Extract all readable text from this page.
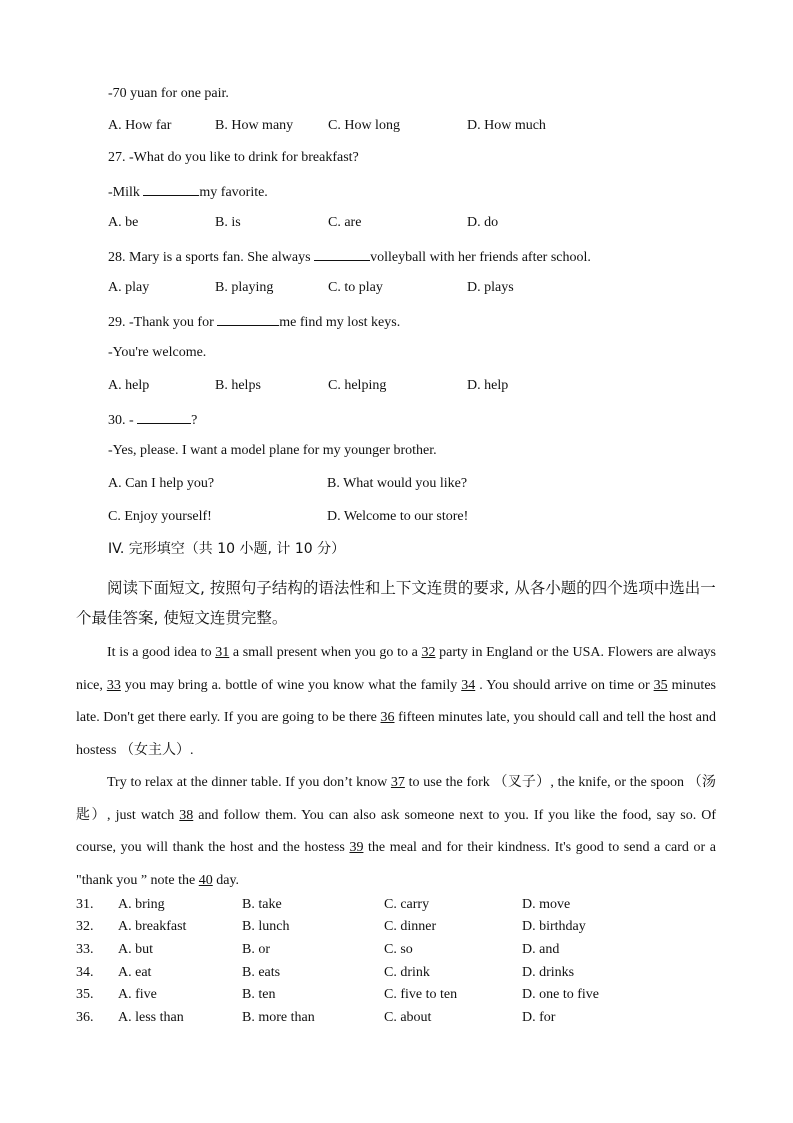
-70 yuan for one pair.
A. How far	B. How many C. How long	D. How much
27. -What do you like to drink for breakfast?
-Milk	my favorite.
A. be	B. is	C. are	D. do
28. Mary is a sports fan. She always	volleyball with her friends after school.
A. play	B. playing	C. to play	D. plays
29. -Thank you for	me find my lost keys.
-You're welcome.
A. help	B. helps	C. helping	D. help
30. -	?
-Yes, please. I want a model plane for my younger brother.
A. Can I help you?	B. What would you like?
C. Enjoy yourself!	D. Welcome to our store!
IV. 完形填空（共 10 小题, 计 10 分）
阅读下面短文, 按照句子结构的语法性和上下文连贯的要求, 从各小题的四个选项中选出一个最佳答案, 使短文连贯完整。
It is a good idea to 31 a small present when you go to a 32 party in England or the USA. Flowers are always nice, 33 you may bring a. bottle of wine you know what the family 34 . You should arrive on time or 35 minutes late. Don't get there early. If you are going to be there 36 fifteen minutes late, you should call and tell the host and hostess （女主人）.
Try to relax at the dinner table. If you don’t know 37 to use the fork （叉子）, the knife, or the spoon （汤匙）, just watch 38 and follow them. You can also ask someone next to you. If you like the food, say so. Of course, you will thank the host and the hostess 39 the meal and for their kindness. It's good to send a card or a "thank you ” note the 40 day.
31. A. bring	B. take	C. carry	D. move
32. A. breakfast	B. lunch	C. dinner	D. birthday
33. A. but	B. or	C. so	D. and
34. A. eat	B. eats	C. drink	D. drinks
35. A. five	B. ten	C. five to ten	D. one to five
36. A. less than	B. more than	C. about	D. for
